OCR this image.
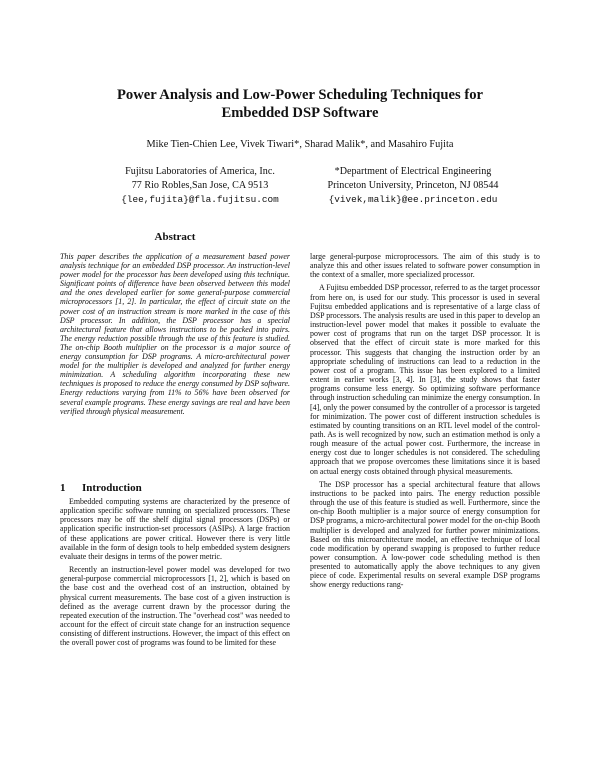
Power Analysis and Low-Power Scheduling Techniques for
Embedded DSP Software
Mike Tien-Chien Lee, Vivek Tiwari*, Sharad Malik*, and Masahiro Fujita
Fujitsu Laboratories of America, Inc.
77 Rio Robles,San Jose, CA 9513
{lee,fujita}@fla.fujitsu.com
*Department of Electrical Engineering
Princeton University, Princeton, NJ 08544
{vivek,malik}@ee.princeton.edu
Abstract
This paper describes the application of a measurement based power analysis technique for an embedded DSP processor. An instruction-level power model for the processor has been developed using this technique. Significant points of difference have been observed between this model and the ones developed earlier for some general-purpose commercial microprocessors [1, 2]. In particular, the effect of circuit state on the power cost of an instruction stream is more marked in the case of this DSP processor. In addition, the DSP processor has a special architectural feature that allows instructions to be packed into pairs. The energy reduction possible through the use of this feature is studied. The on-chip Booth multiplier on the processor is a major source of energy consumption for DSP programs. A micro-architectural power model for the multiplier is developed and analyzed for further energy minimization. A scheduling algorithm incorporating these new techniques is proposed to reduce the energy consumed by DSP software. Energy reductions varying from 11% to 56% have been observed for several example programs. These energy savings are real and have been verified through physical measurement.
1 Introduction

Embedded computing systems are characterized by the presence of application specific software running on specialized processors. These processors may be off the shelf digital signal processors (DSPs) or application specific instruction-set processors (ASIPs). A large fraction of these applications are power critical. However there is very little available in the form of design tools to help embedded system designers evaluate their designs in terms of the power metric.

Recently an instruction-level power model was developed for two general-purpose commercial microprocessors [1, 2], which is based on the base cost and the overhead cost of an instruction, obtained by physical current measurements. The base cost of a given instruction is defined as the average current drawn by the processor during the repeated execution of the instruction. The "overhead cost" was needed to account for the effect of circuit state change for an instruction sequence consisting of different instructions. However, the impact of this effect on the overall power cost of programs was found to be limited for these

large general-purpose microprocessors. The aim of this study is to analyze this and other issues related to software power consumption in the context of a smaller, more specialized processor.

A Fujitsu embedded DSP processor, referred to as the target processor from here on, is used for our study. This processor is used in several Fujitsu embedded applications and is representative of a large class of DSP processors. The analysis results are used in this paper to develop an instruction-level power model that makes it possible to evaluate the power cost of programs that run on the target DSP processor. It is observed that the effect of circuit state is more marked for this processor. This suggests that changing the instruction order by an appropriate scheduling of instructions can lead to a reduction in the power cost of a program. This issue has been explored to a limited extent in earlier works [3, 4]. In [3], the study shows that faster programs consume less energy. So optimizing software performance through instruction scheduling can minimize the energy consumption. In [4], only the power consumed by the controller of a processor is targeted for minimization. The power cost of different instruction schedules is estimated by counting transitions on an RTL level model of the control-path. As is well recognized by now, such an estimation method is only a rough measure of the actual power cost. Furthermore, the increase in energy cost due to longer schedules is not considered. The scheduling approach that we propose overcomes these limitations since it is based on actual energy costs obtained through physical measurements.

The DSP processor has a special architectural feature that allows instructions to be packed into pairs. The energy reduction possible through the use of this feature is studied as well. Furthermore, since the on-chip Booth multiplier is a major source of energy consumption for DSP programs, a micro-architectural power model for the on-chip Booth multiplier is developed and analyzed for further power minimizations. Based on this microarchitecture model, an effective technique of local code modification by operand swapping is proposed to further reduce power consumption. A low-power code scheduling method is then presented to automatically apply the above techniques to any given piece of code. Experimental results on several example DSP programs show energy reductions rang-
